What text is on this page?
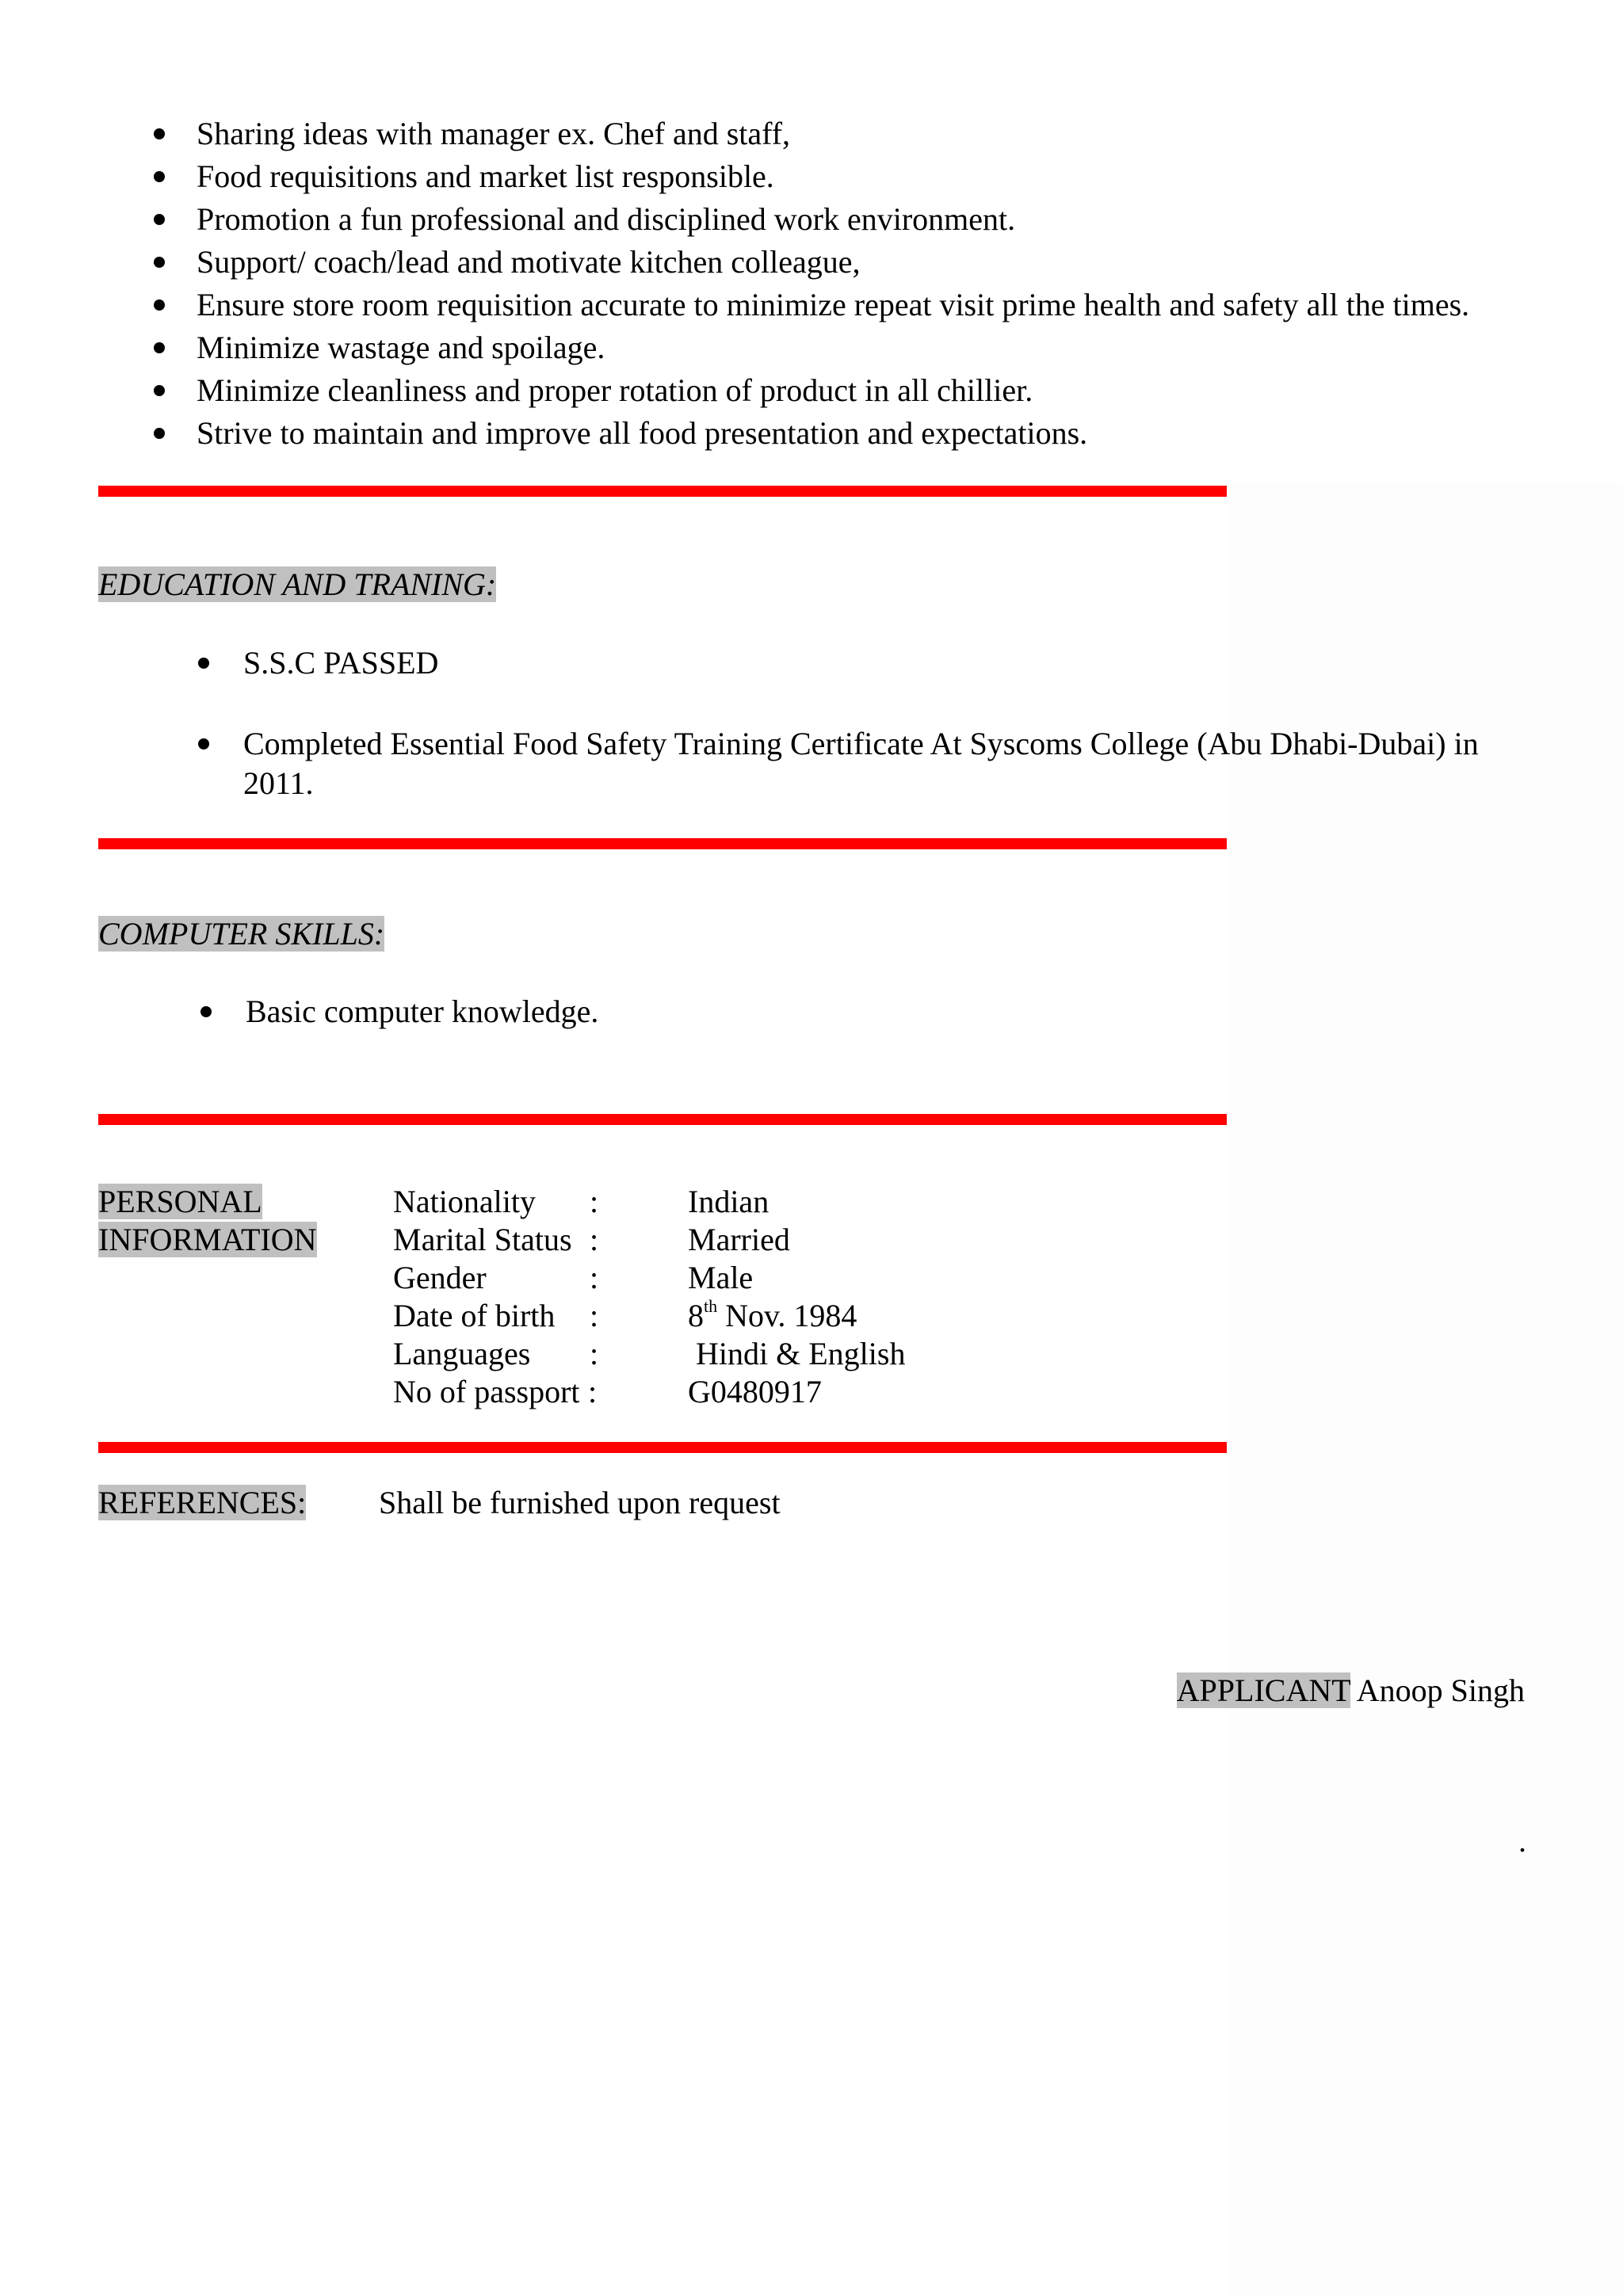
Sharing ideas with manager ex. Chef and staff,
Food requisitions and market list responsible.
Promotion a fun professional and disciplined work environment.
Support/ coach/lead and motivate kitchen colleague,
Ensure store room requisition accurate to minimize repeat visit prime health and safety all the times.
Minimize wastage and spoilage.
Minimize cleanliness and proper rotation of product in all chillier.
Strive to maintain and improve all food presentation and expectations.
EDUCATION AND TRANING:
S.S.C PASSED
Completed Essential Food Safety Training Certificate At Syscoms College (Abu Dhabi-Dubai) in
2011.
COMPUTER SKILLS:
Basic computer knowledge.
PERSONAL
INFORMATION
Nationality :	Indian
Marital Status :	Married
Gender	:	Male
Date of birth :	8th Nov. 1984
Languages :	Hindi & English
No of passport :	G0480917
REFERENCES: Shall be furnished upon request
APPLICANT Anoop Singh
.
